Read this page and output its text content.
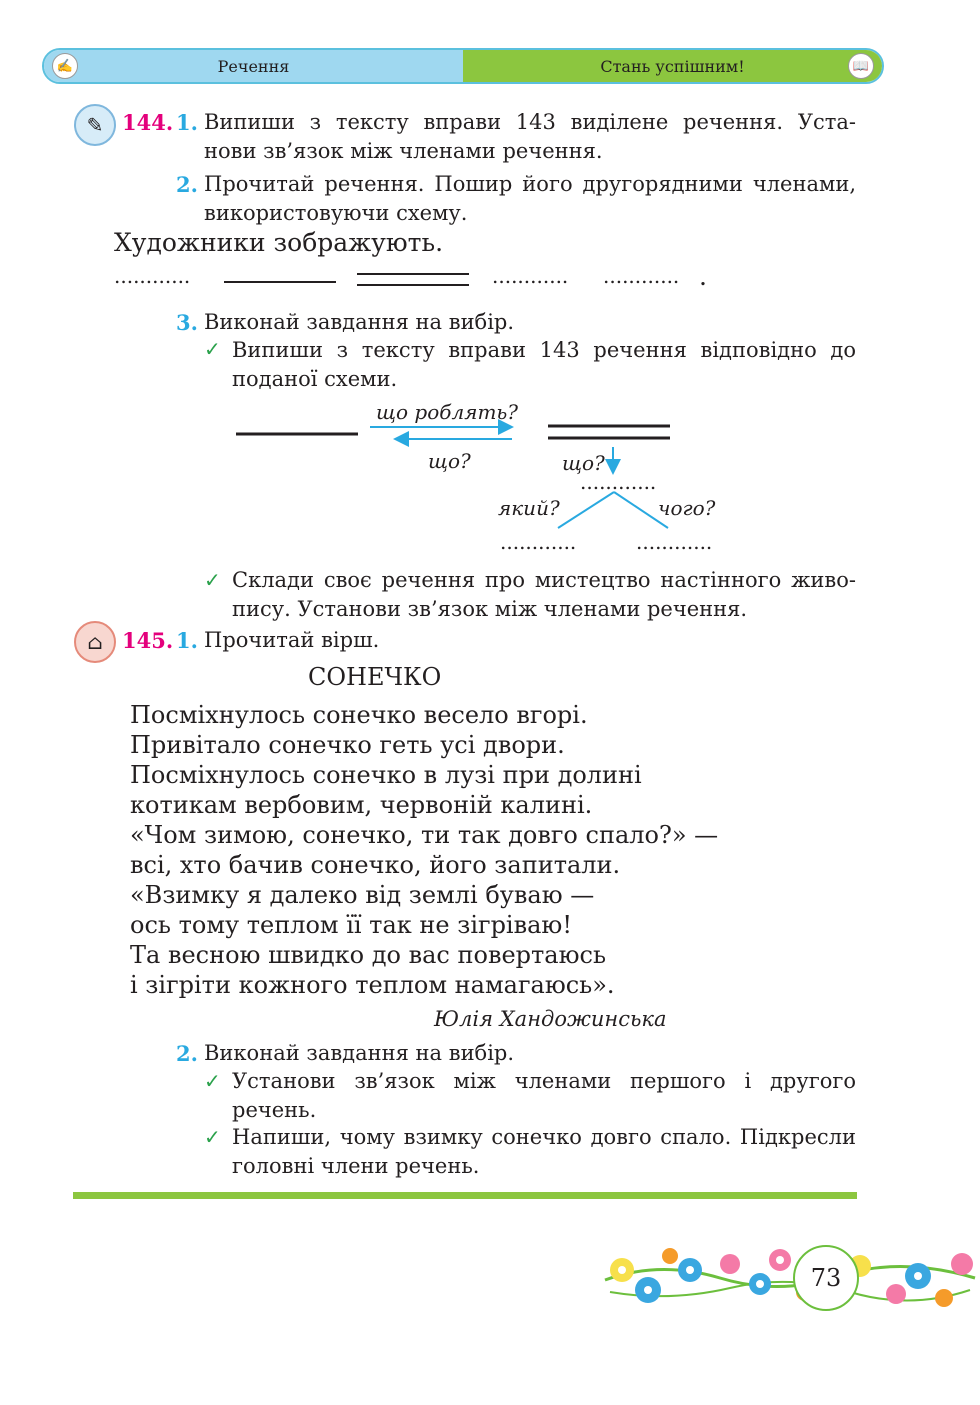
✍	Речення	Стань успішним!	📖
✎ 144. 1. Випиши з тексту вправи 143 виділене речення. Уста-
нови зв’язок між членами речення.
2. Прочитай речення. Пошир його другорядними членами,
використовуючи схему.
Художники зображують.
............	............ ............ .
3. Виконай завдання на вибір.
✓ Випиши з тексту вправи 143 речення відповідно до
поданої схеми.
що роблять?
що?	що?
............
який?	чого?
............	............
✓ Склади своє речення про мистецтво настінного живо-
пису. Установи зв’язок між членами речення.
⌂ 145. 1. Прочитай вірш.
СОНЕЧКО
Посміхнулось сонечко весело вгорі.
Привітало сонечко геть усі двори.
Посміхнулось сонечко в лузі при долині
котикам вербовим, червоній калині.
«Чом зимою, сонечко, ти так довго спало?» —
всі, хто бачив сонечко, його запитали.
«Взимку я далеко від землі буваю —
ось тому теплом її так не зігріваю!
Та весною швидко до вас повертаюсь
і зігріти кожного теплом намагаюсь».
Юлія Хандожинська
2. Виконай завдання на вибір.
✓ Установи зв’язок між членами першого і другого
речень.
✓ Напиши, чому взимку сонечко довго спало. Підкресли
головні члени речень.
73
